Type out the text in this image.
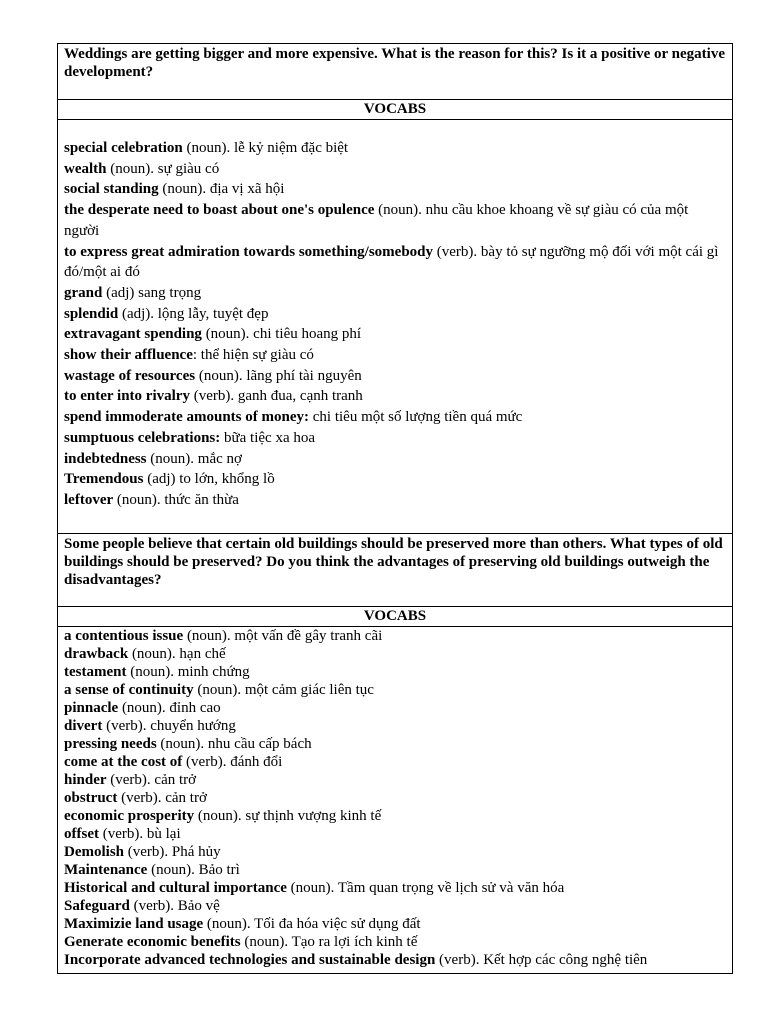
Weddings are getting bigger and more expensive. What is the reason for this? Is it a positive or negative development?
VOCABS
special celebration (noun). lễ kỷ niệm đặc biệt
wealth (noun). sự giàu có
social standing (noun). địa vị xã hội
the desperate need to boast about one's opulence (noun). nhu cầu khoe khoang về sự giàu có của một người
to express great admiration towards something/somebody (verb). bày tỏ sự ngưỡng mộ đối với một cái gì đó/một ai đó
grand (adj) sang trọng
splendid (adj). lộng lẫy, tuyệt đẹp
extravagant spending (noun). chi tiêu hoang phí
show their affluence: thể hiện sự giàu có
wastage of resources (noun). lãng phí tài nguyên
to enter into rivalry (verb). ganh đua, cạnh tranh
spend immoderate amounts of money: chi tiêu một số lượng tiền quá mức
sumptuous celebrations: bữa tiệc xa hoa
indebtedness (noun). mắc nợ
Tremendous (adj) to lớn, khổng lồ
leftover (noun). thức ăn thừa
Some people believe that certain old buildings should be preserved more than others. What types of old buildings should be preserved? Do you think the advantages of preserving old buildings outweigh the disadvantages?
VOCABS
a contentious issue (noun). một vấn đề gây tranh cãi
drawback (noun). hạn chế
testament (noun). minh chứng
a sense of continuity (noun). một cảm giác liên tục
pinnacle (noun). đỉnh cao
divert (verb). chuyển hướng
pressing needs (noun). nhu cầu cấp bách
come at the cost of (verb). đánh đổi
hinder (verb). cản trở
obstruct (verb). cản trở
economic prosperity (noun). sự thịnh vượng kinh tế
offset (verb). bù lại
Demolish (verb). Phá hủy
Maintenance (noun). Bảo trì
Historical and cultural importance (noun). Tầm quan trọng về lịch sử và văn hóa
Safeguard (verb). Bảo vệ
Maximizie land usage (noun). Tối đa hóa việc sử dụng đất
Generate economic benefits (noun). Tạo ra lợi ích kinh tế
Incorporate advanced technologies and sustainable design (verb). Kết hợp các công nghệ tiên
